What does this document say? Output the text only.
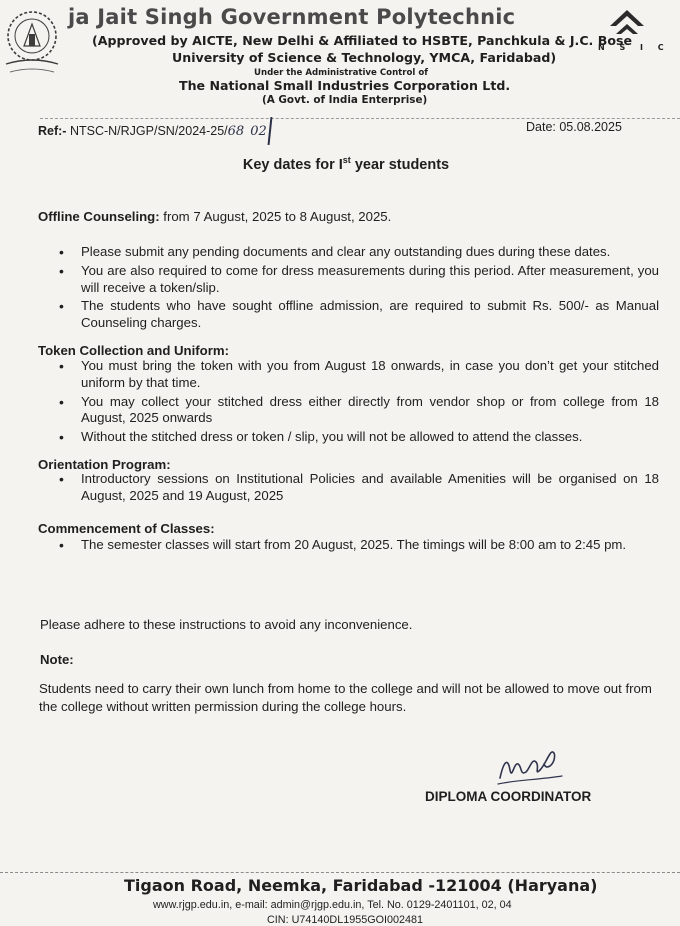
ja Jait Singh Government Polytechnic
(Approved by AICTE, New Delhi & Affiliated to HSBTE, Panchkula & J.C. Bose
University of Science & Technology, YMCA, Faridabad)
Under the Administrative Control of
The National Small Industries Corporation Ltd.
(A Govt. of India Enterprise)
N S I C
Ref:- NTSC-N/RJGP/SN/2024-25/68 02	Date: 05.08.2025
Key dates for Ist year students
Offline Counseling: from 7 August, 2025 to 8 August, 2025.
• Please submit any pending documents and clear any outstanding dues during these dates.
• You are also required to come for dress measurements during this period. After measurement, you will receive a token/slip.
• The students who have sought offline admission, are required to submit Rs. 500/- as Manual Counseling charges.
Token Collection and Uniform:
• You must bring the token with you from August 18 onwards, in case you don’t get your stitched uniform by that time.
• You may collect your stitched dress either directly from vendor shop or from college from 18 August, 2025 onwards
• Without the stitched dress or token / slip, you will not be allowed to attend the classes.
Orientation Program:
• Introductory sessions on Institutional Policies and available Amenities will be organised on 18 August, 2025 and 19 August, 2025
Commencement of Classes:
• The semester classes will start from 20 August, 2025. The timings will be 8:00 am to 2:45 pm.
Please adhere to these instructions to avoid any inconvenience.
Note:
Students need to carry their own lunch from home to the college and will not be allowed to move out from the college without written permission during the college hours.
DIPLOMA COORDINATOR
Tigaon Road, Neemka, Faridabad -121004 (Haryana)
www.rjgp.edu.in, e-mail: admin@rjgp.edu.in, Tel. No. 0129-2401101, 02, 04
CIN: U74140DL1955GOI002481
